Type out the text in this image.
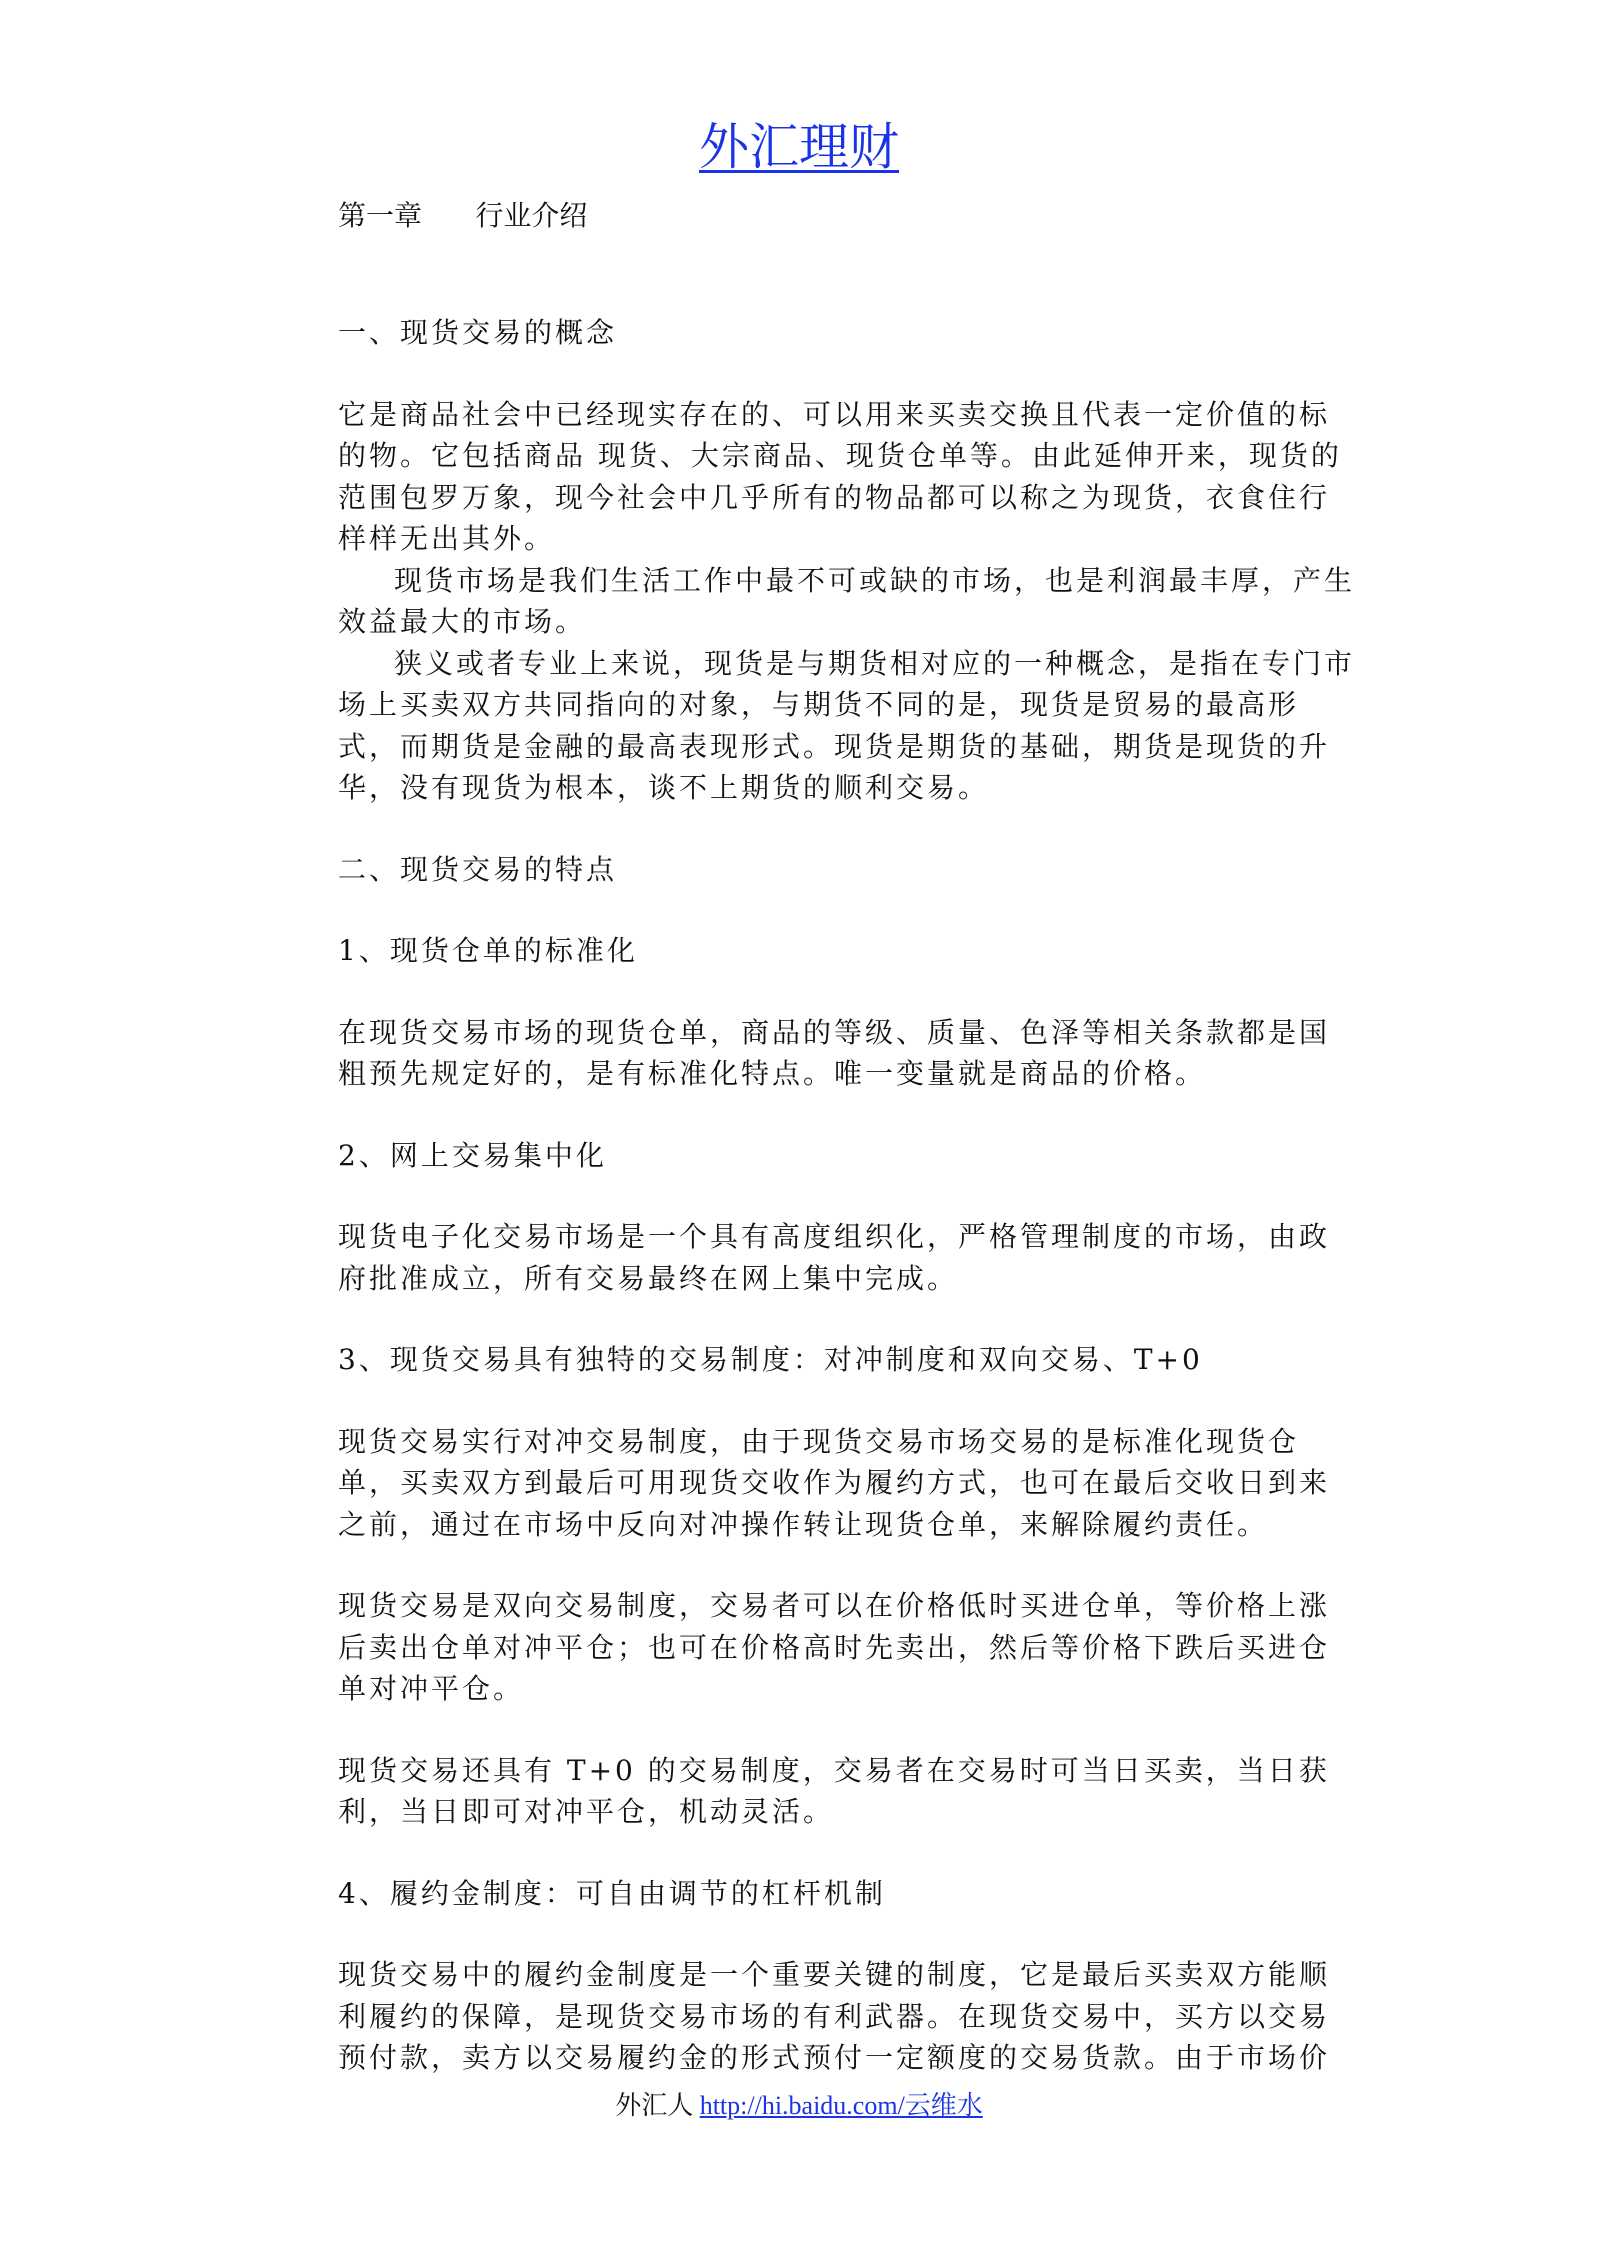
外汇理财
第一章      行业介绍

一、现货交易的概念

它是商品社会中已经现实存在的、可以用来买卖交换且代表一定价值的标的物。它包括商品 现货、大宗商品、现货仓单等。由此延伸开来，现货的范围包罗万象，现今社会中几乎所有的物品都可以称之为现货，衣食住行样样无出其外。

现货市场是我们生活工作中最不可或缺的市场，也是利润最丰厚，产生效益最大的市场。

狭义或者专业上来说，现货是与期货相对应的一种概念，是指在专门市场上买卖双方共同指向的对象，与期货不同的是，现货是贸易的最高形式，而期货是金融的最高表现形式。现货是期货的基础，期货是现货的升华，没有现货为根本，谈不上期货的顺利交易。

二、现货交易的特点

1、现货仓单的标准化

在现货交易市场的现货仓单，商品的等级、质量、色泽等相关条款都是国粗预先规定好的，是有标准化特点。唯一变量就是商品的价格。

2、网上交易集中化

现货电子化交易市场是一个具有高度组织化，严格管理制度的市场，由政府批准成立，所有交易最终在网上集中完成。

3、现货交易具有独特的交易制度：对冲制度和双向交易、T+0

现货交易实行对冲交易制度，由于现货交易市场交易的是标准化现货仓单，买卖双方到最后可用现货交收作为履约方式，也可在最后交收日到来之前，通过在市场中反向对冲操作转让现货仓单，来解除履约责任。

现货交易是双向交易制度，交易者可以在价格低时买进仓单，等价格上涨后卖出仓单对冲平仓；也可在价格高时先卖出，然后等价格下跌后买进仓单对冲平仓。

现货交易还具有 T+0 的交易制度，交易者在交易时可当日买卖，当日获利，当日即可对冲平仓，机动灵活。

4、履约金制度：可自由调节的杠杆机制

现货交易中的履约金制度是一个重要关键的制度，它是最后买卖双方能顺利履约的保障，是现货交易市场的有利武器。在现货交易中，买方以交易预付款，卖方以交易履约金的形式预付一定额度的交易货款。由于市场价

外汇人 http://hi.baidu.com/云维水
